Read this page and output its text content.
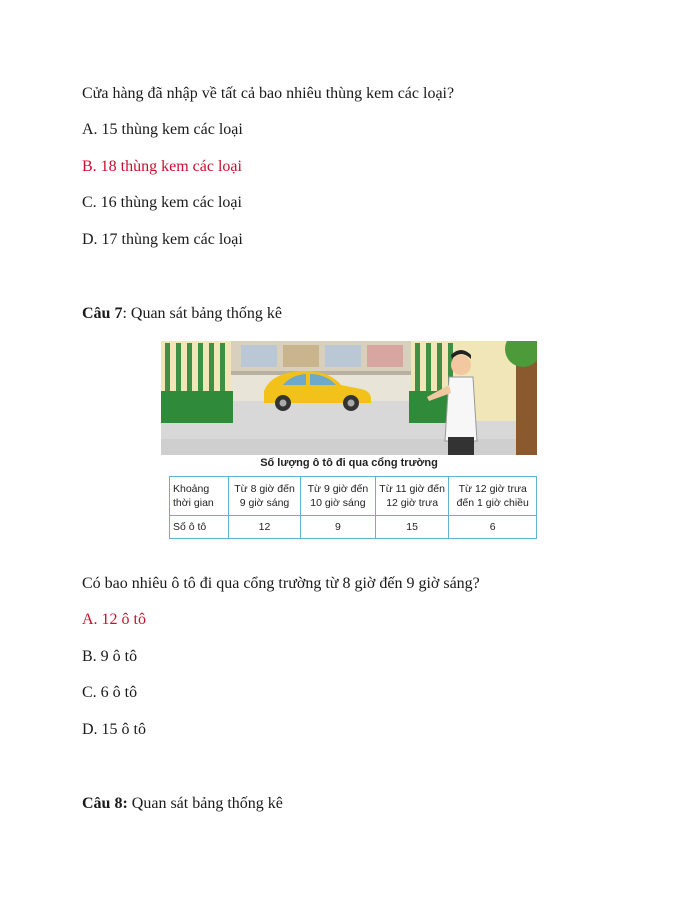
Cửa hàng đã nhập về tất cả bao nhiêu thùng kem các loại?
A. 15 thùng kem các loại
B. 18 thùng kem các loại
C. 16 thùng kem các loại
D. 17 thùng kem các loại
Câu 7: Quan sát bảng thống kê
Số lượng ô tô đi qua cổng trường
Khoảng thời gian	Từ 8 giờ đến 9 giờ sáng	Từ 9 giờ đến 10 giờ sáng	Từ 11 giờ đến 12 giờ trưa	Từ 12 giờ trưa đến 1 giờ chiều
Số ô tô	12	9	15	6
Có bao nhiêu ô tô đi qua cổng trường từ 8 giờ đến 9 giờ sáng?
A. 12 ô tô
B. 9 ô tô
C. 6 ô tô
D. 15 ô tô
Câu 8: Quan sát bảng thống kê
